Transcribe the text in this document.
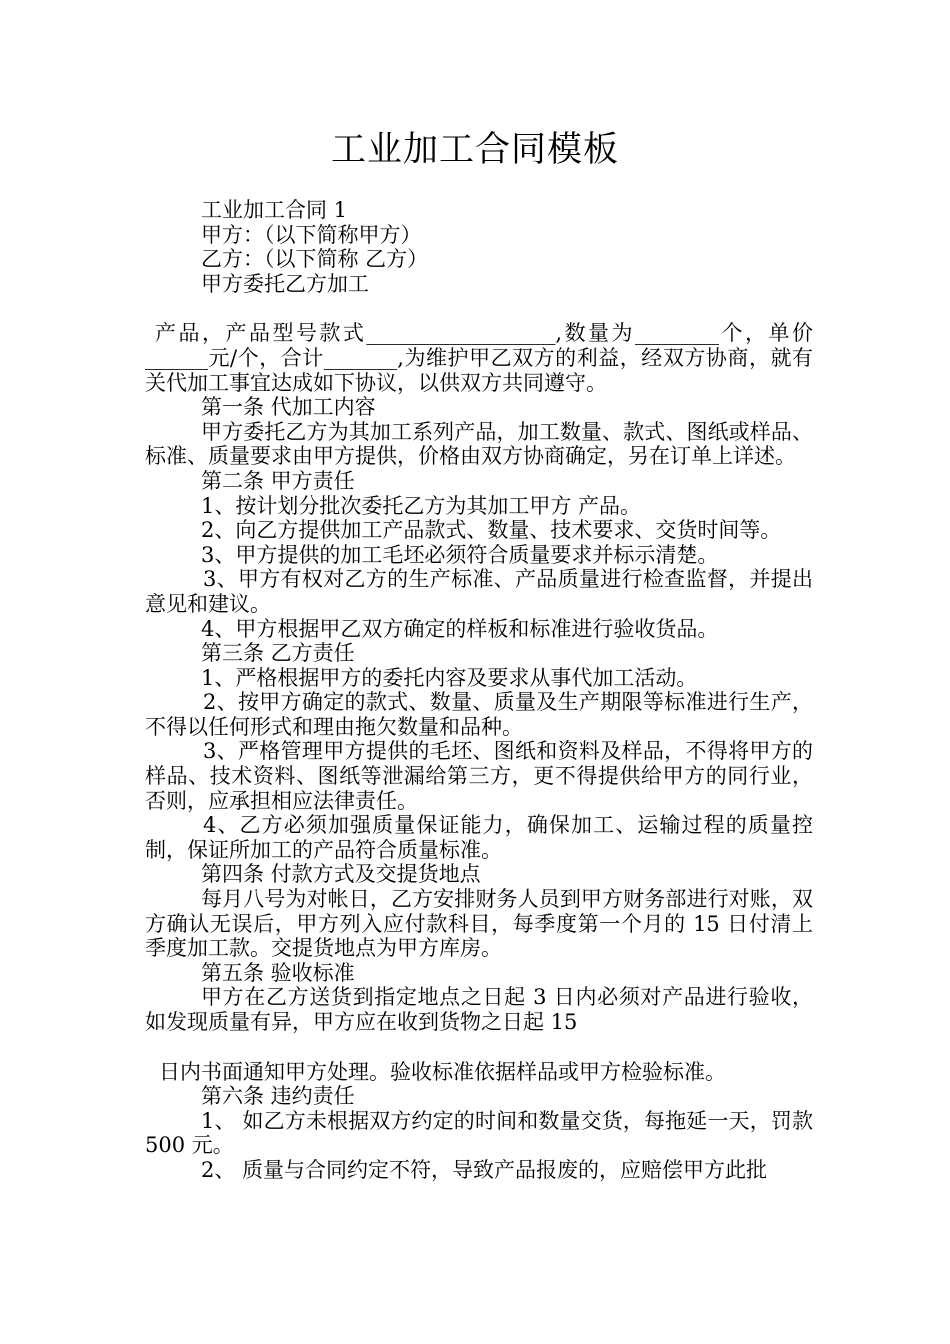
工业加工合同模板

工业加工合同 1

甲方：（以下简称甲方）

乙方：（以下简称 乙方）

甲方委托乙方加工

产品，产品型号款式__________________,数量为________个，单价______元/个，合计_______,为维护甲乙双方的利益，经双方协商，就有关代加工事宜达成如下协议，以供双方共同遵守。

第一条 代加工内容

甲方委托乙方为其加工系列产品，加工数量、款式、图纸或样品、标准、质量要求由甲方提供，价格由双方协商确定，另在订单上详述。

第二条 甲方责任

1、按计划分批次委托乙方为其加工甲方 产品。

2、向乙方提供加工产品款式、数量、技术要求、交货时间等。

3、甲方提供的加工毛坯必须符合质量要求并标示清楚。

3、甲方有权对乙方的生产标准、产品质量进行检查监督，并提出意见和建议。

4、甲方根据甲乙双方确定的样板和标准进行验收货品。

第三条 乙方责任

1、严格根据甲方的委托内容及要求从事代加工活动。

2、按甲方确定的款式、数量、质量及生产期限等标准进行生产，不得以任何形式和理由拖欠数量和品种。

3、严格管理甲方提供的毛坯、图纸和资料及样品，不得将甲方的样品、技术资料、图纸等泄漏给第三方，更不得提供给甲方的同行业，否则，应承担相应法律责任。

4、乙方必须加强质量保证能力，确保加工、运输过程的质量控制，保证所加工的产品符合质量标准。

第四条 付款方式及交提货地点

每月八号为对帐日，乙方安排财务人员到甲方财务部进行对账，双方确认无误后，甲方列入应付款科目，每季度第一个月的 15 日付清上季度加工款。交提货地点为甲方库房。

第五条 验收标准

甲方在乙方送货到指定地点之日起 3 日内必须对产品进行验收，如发现质量有异，甲方应在收到货物之日起 15

日内书面通知甲方处理。验收标准依据样品或甲方检验标准。

第六条 违约责任

1、 如乙方未根据双方约定的时间和数量交货，每拖延一天，罚款 500 元。

2、 质量与合同约定不符，导致产品报废的，应赔偿甲方此批
